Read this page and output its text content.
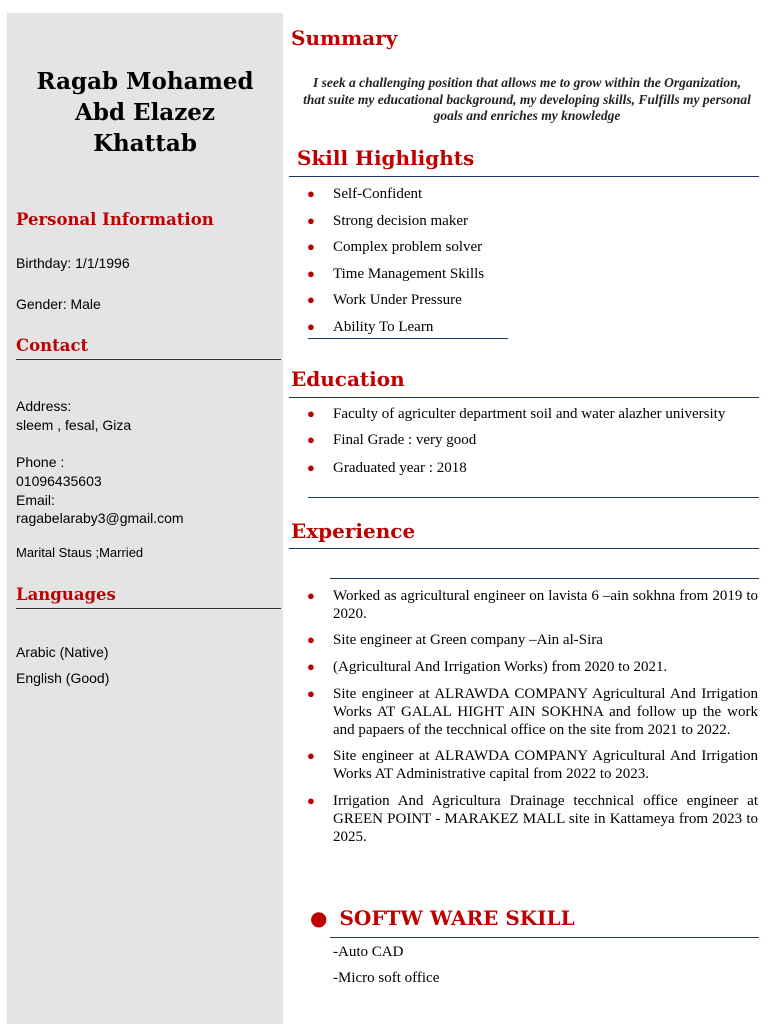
Ragab Mohamed
Abd Elazez
Khattab
Personal Information
Birthday: 1/1/1996
Gender: Male
Contact
Address:
sleem , fesal, Giza
Phone :
01096435603
Email:
ragabelaraby3@gmail.com
Marital Staus ;Married
Languages
Arabic (Native)
English (Good)
Summary
I seek a challenging position that allows me to grow within the Organization, that suite my educational background, my developing skills, Fulfills my personal goals and enriches my knowledge
Skill Highlights
● Self-Confident
● Strong decision maker
● Complex problem solver
● Time Management Skills
● Work Under Pressure
● Ability To Learn
Education
● Faculty of agriculter department soil and water alazher university
● Final Grade : very good
● Graduated year : 2018
Experience
● Worked as agricultural engineer on lavista 6 –ain sokhna from 2019 to 2020.
● Site engineer at Green company –Ain al-Sira
● (Agricultural And Irrigation Works) from 2020 to 2021.
● Site engineer at ALRAWDA COMPANY Agricultural And Irrigation Works AT GALAL HIGHT AIN SOKHNA and follow up the work and papaers of the tecchnical office on the site from 2021 to 2022.
● Site engineer at ALRAWDA COMPANY Agricultural And Irrigation Works AT Administrative capital from 2022 to 2023.
● Irrigation And Agricultura Drainage tecchnical office engineer at GREEN POINT - MARAKEZ MALL site in Kattameya from 2023 to 2025.
● SOFTW WARE SKILL
-Auto CAD
-Micro soft office
